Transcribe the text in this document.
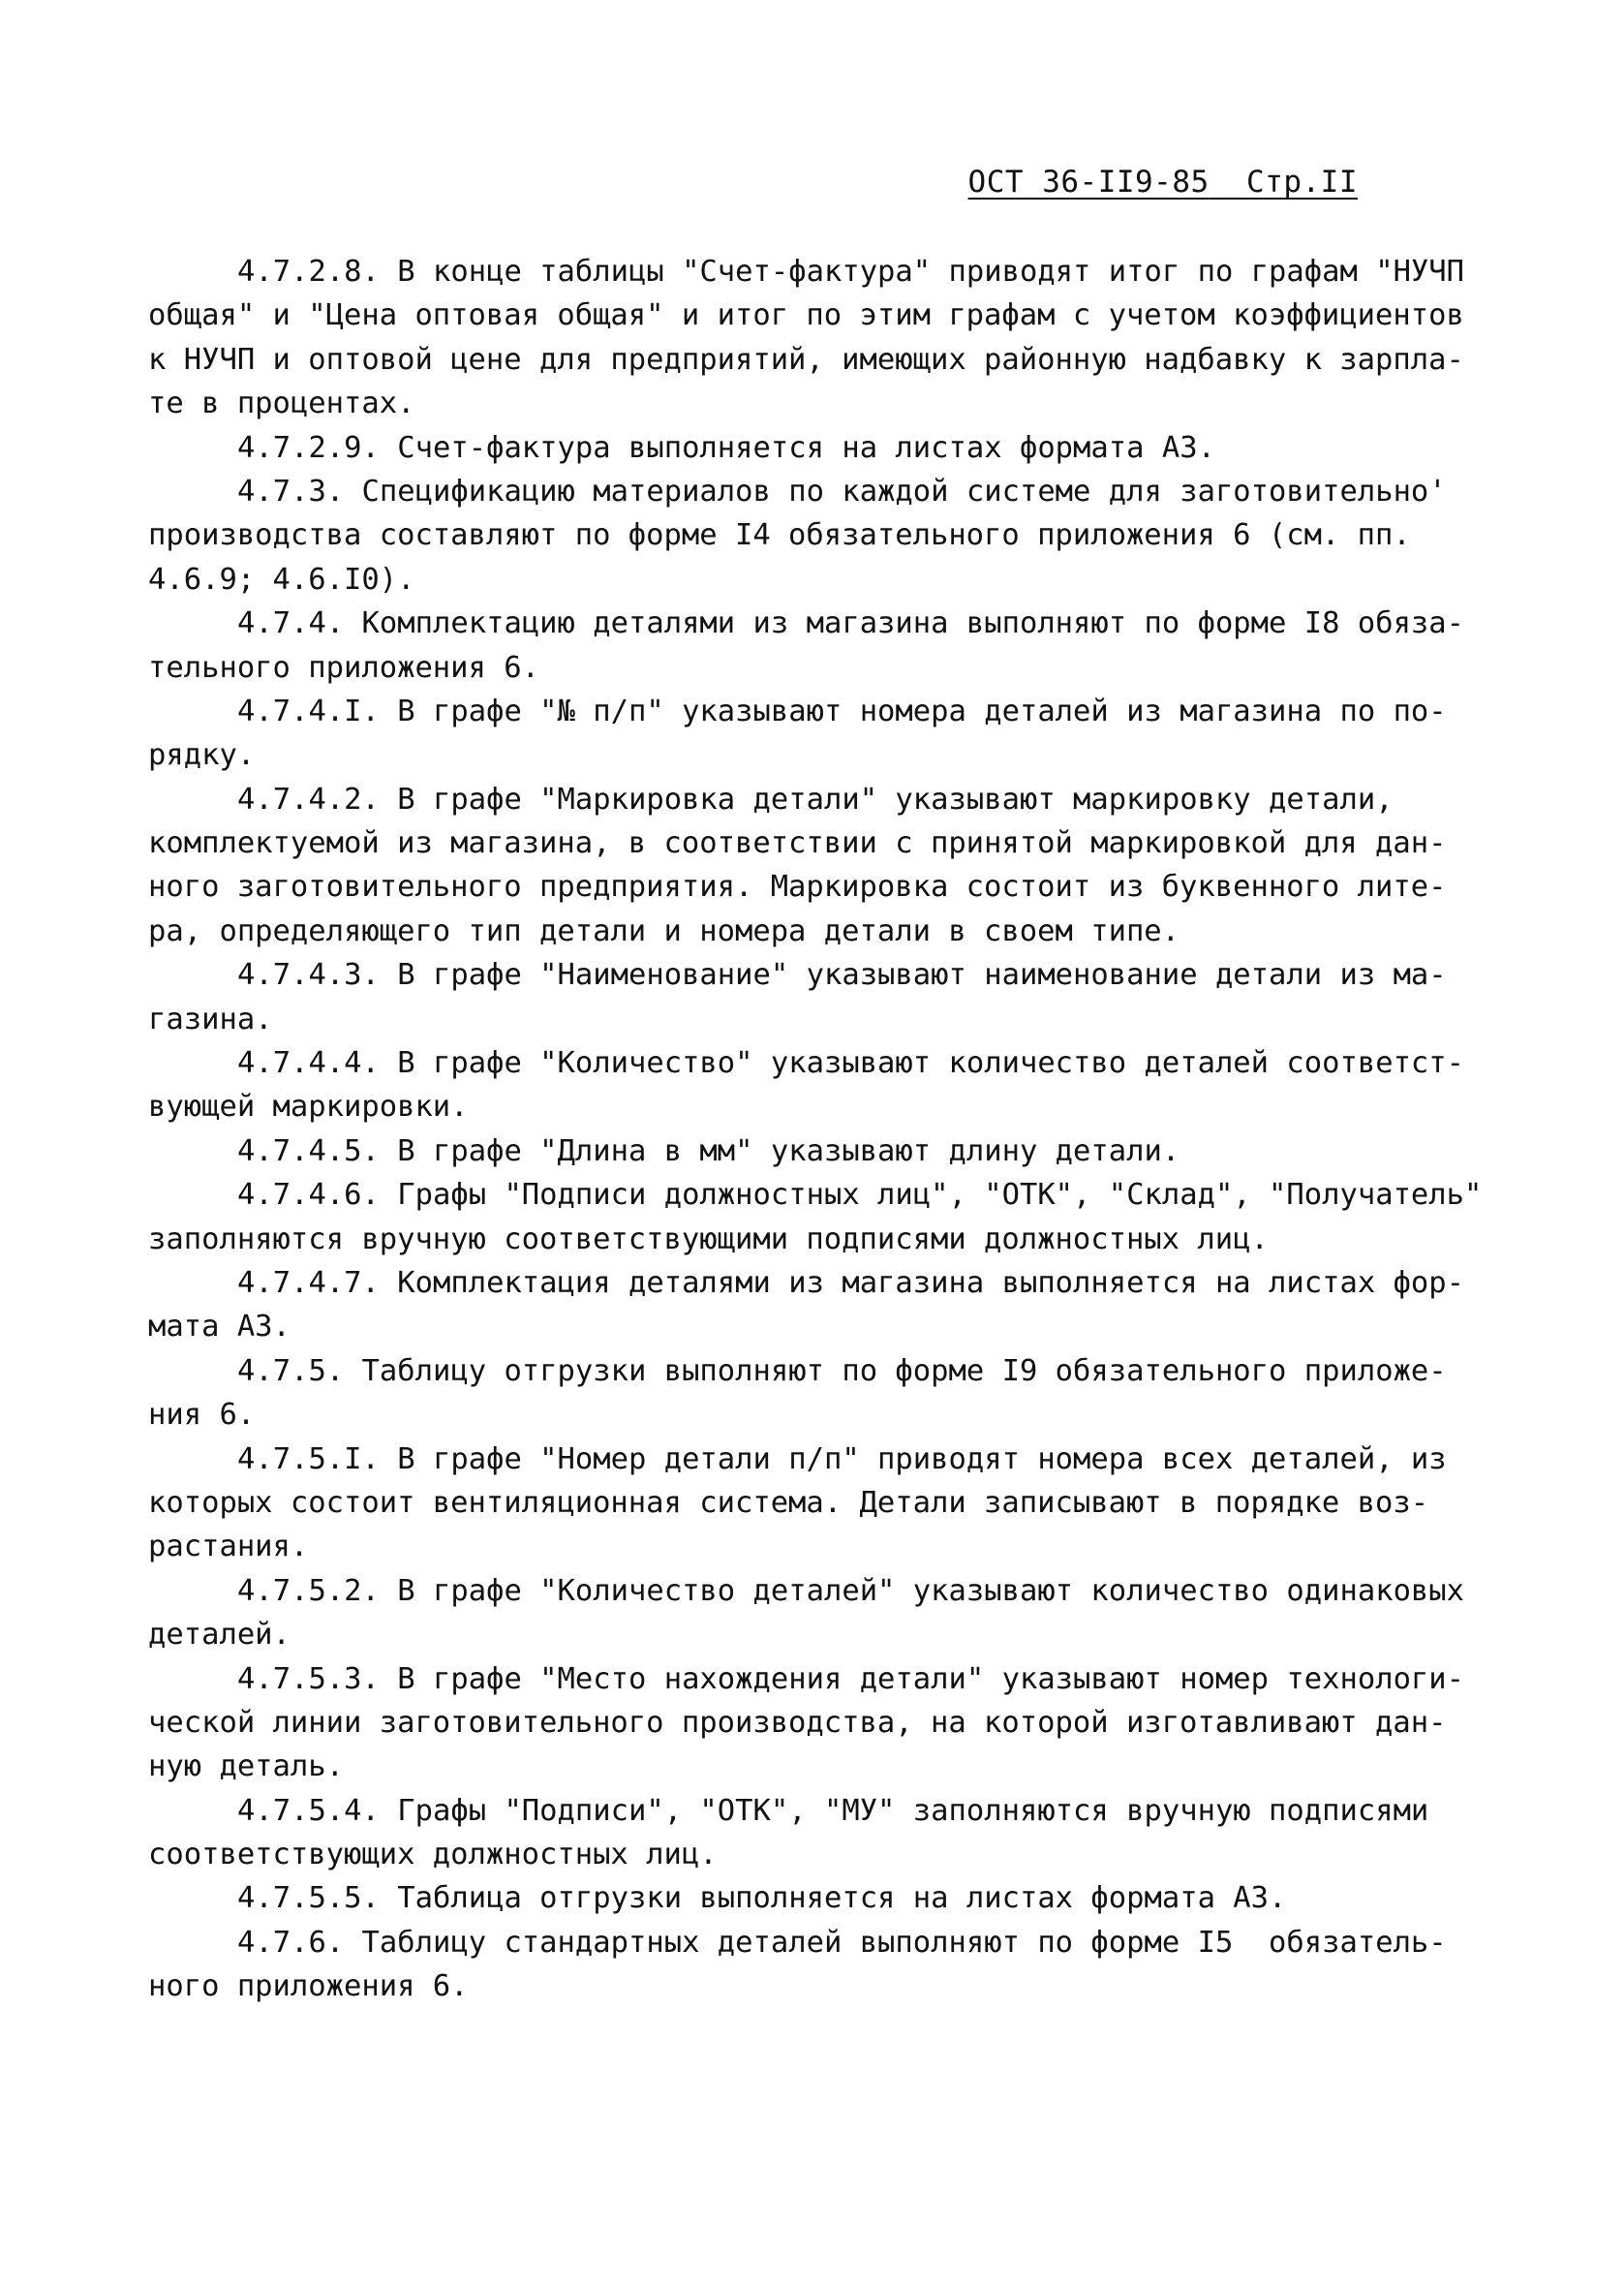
ОСТ 36-II9-85 Стр.II

4.7.2.8. В конце таблицы "Счет-фактура" приводят итог по графам "НУЧП

общая" и "Цена оптовая общая" и итог по этим графам с учетом коэффициентов

к НУЧП и оптовой цене для предприятий, имеющих районную надбавку к зарпла-

те в процентах.

4.7.2.9. Счет-фактура выполняется на листах формата А3.

4.7.3. Спецификацию материалов по каждой системе для заготовительно'

производства составляют по форме I4 обязательного приложения 6 (см. пп.

4.6.9; 4.6.I0).

4.7.4. Комплектацию деталями из магазина выполняют по форме I8 обяза-

тельного приложения 6.

4.7.4.I. В графе "№ п/п" указывают номера деталей из магазина по по-

рядку.

4.7.4.2. В графе "Маркировка детали" указывают маркировку детали,

комплектуемой из магазина, в соответствии с принятой маркировкой для дан-

ного заготовительного предприятия. Маркировка состоит из буквенного лите-

ра, определяющего тип детали и номера детали в своем типе.

4.7.4.3. В графе "Наименование" указывают наименование детали из ма-

газина.

4.7.4.4. В графе "Количество" указывают количество деталей соответст-

вующей маркировки.

4.7.4.5. В графе "Длина в мм" указывают длину детали.

4.7.4.6. Графы "Подписи должностных лиц", "ОТК", "Склад", "Получатель"

заполняются вручную соответствующими подписями должностных лиц.

4.7.4.7. Комплектация деталями из магазина выполняется на листах фор-

мата А3.

4.7.5. Таблицу отгрузки выполняют по форме I9 обязательного приложе-

ния 6.

4.7.5.I. В графе "Номер детали п/п" приводят номера всех деталей, из

которых состоит вентиляционная система. Детали записывают в порядке воз-

растания.

4.7.5.2. В графе "Количество деталей" указывают количество одинаковых

деталей.

4.7.5.3. В графе "Место нахождения детали" указывают номер технологи-

ческой линии заготовительного производства, на которой изготавливают дан-

ную деталь.

4.7.5.4. Графы "Подписи", "ОТК", "МУ" заполняются вручную подписями

соответствующих должностных лиц.

4.7.5.5. Таблица отгрузки выполняется на листах формата А3.

4.7.6. Таблицу стандартных деталей выполняют по форме I5  обязатель-

ного приложения 6.
